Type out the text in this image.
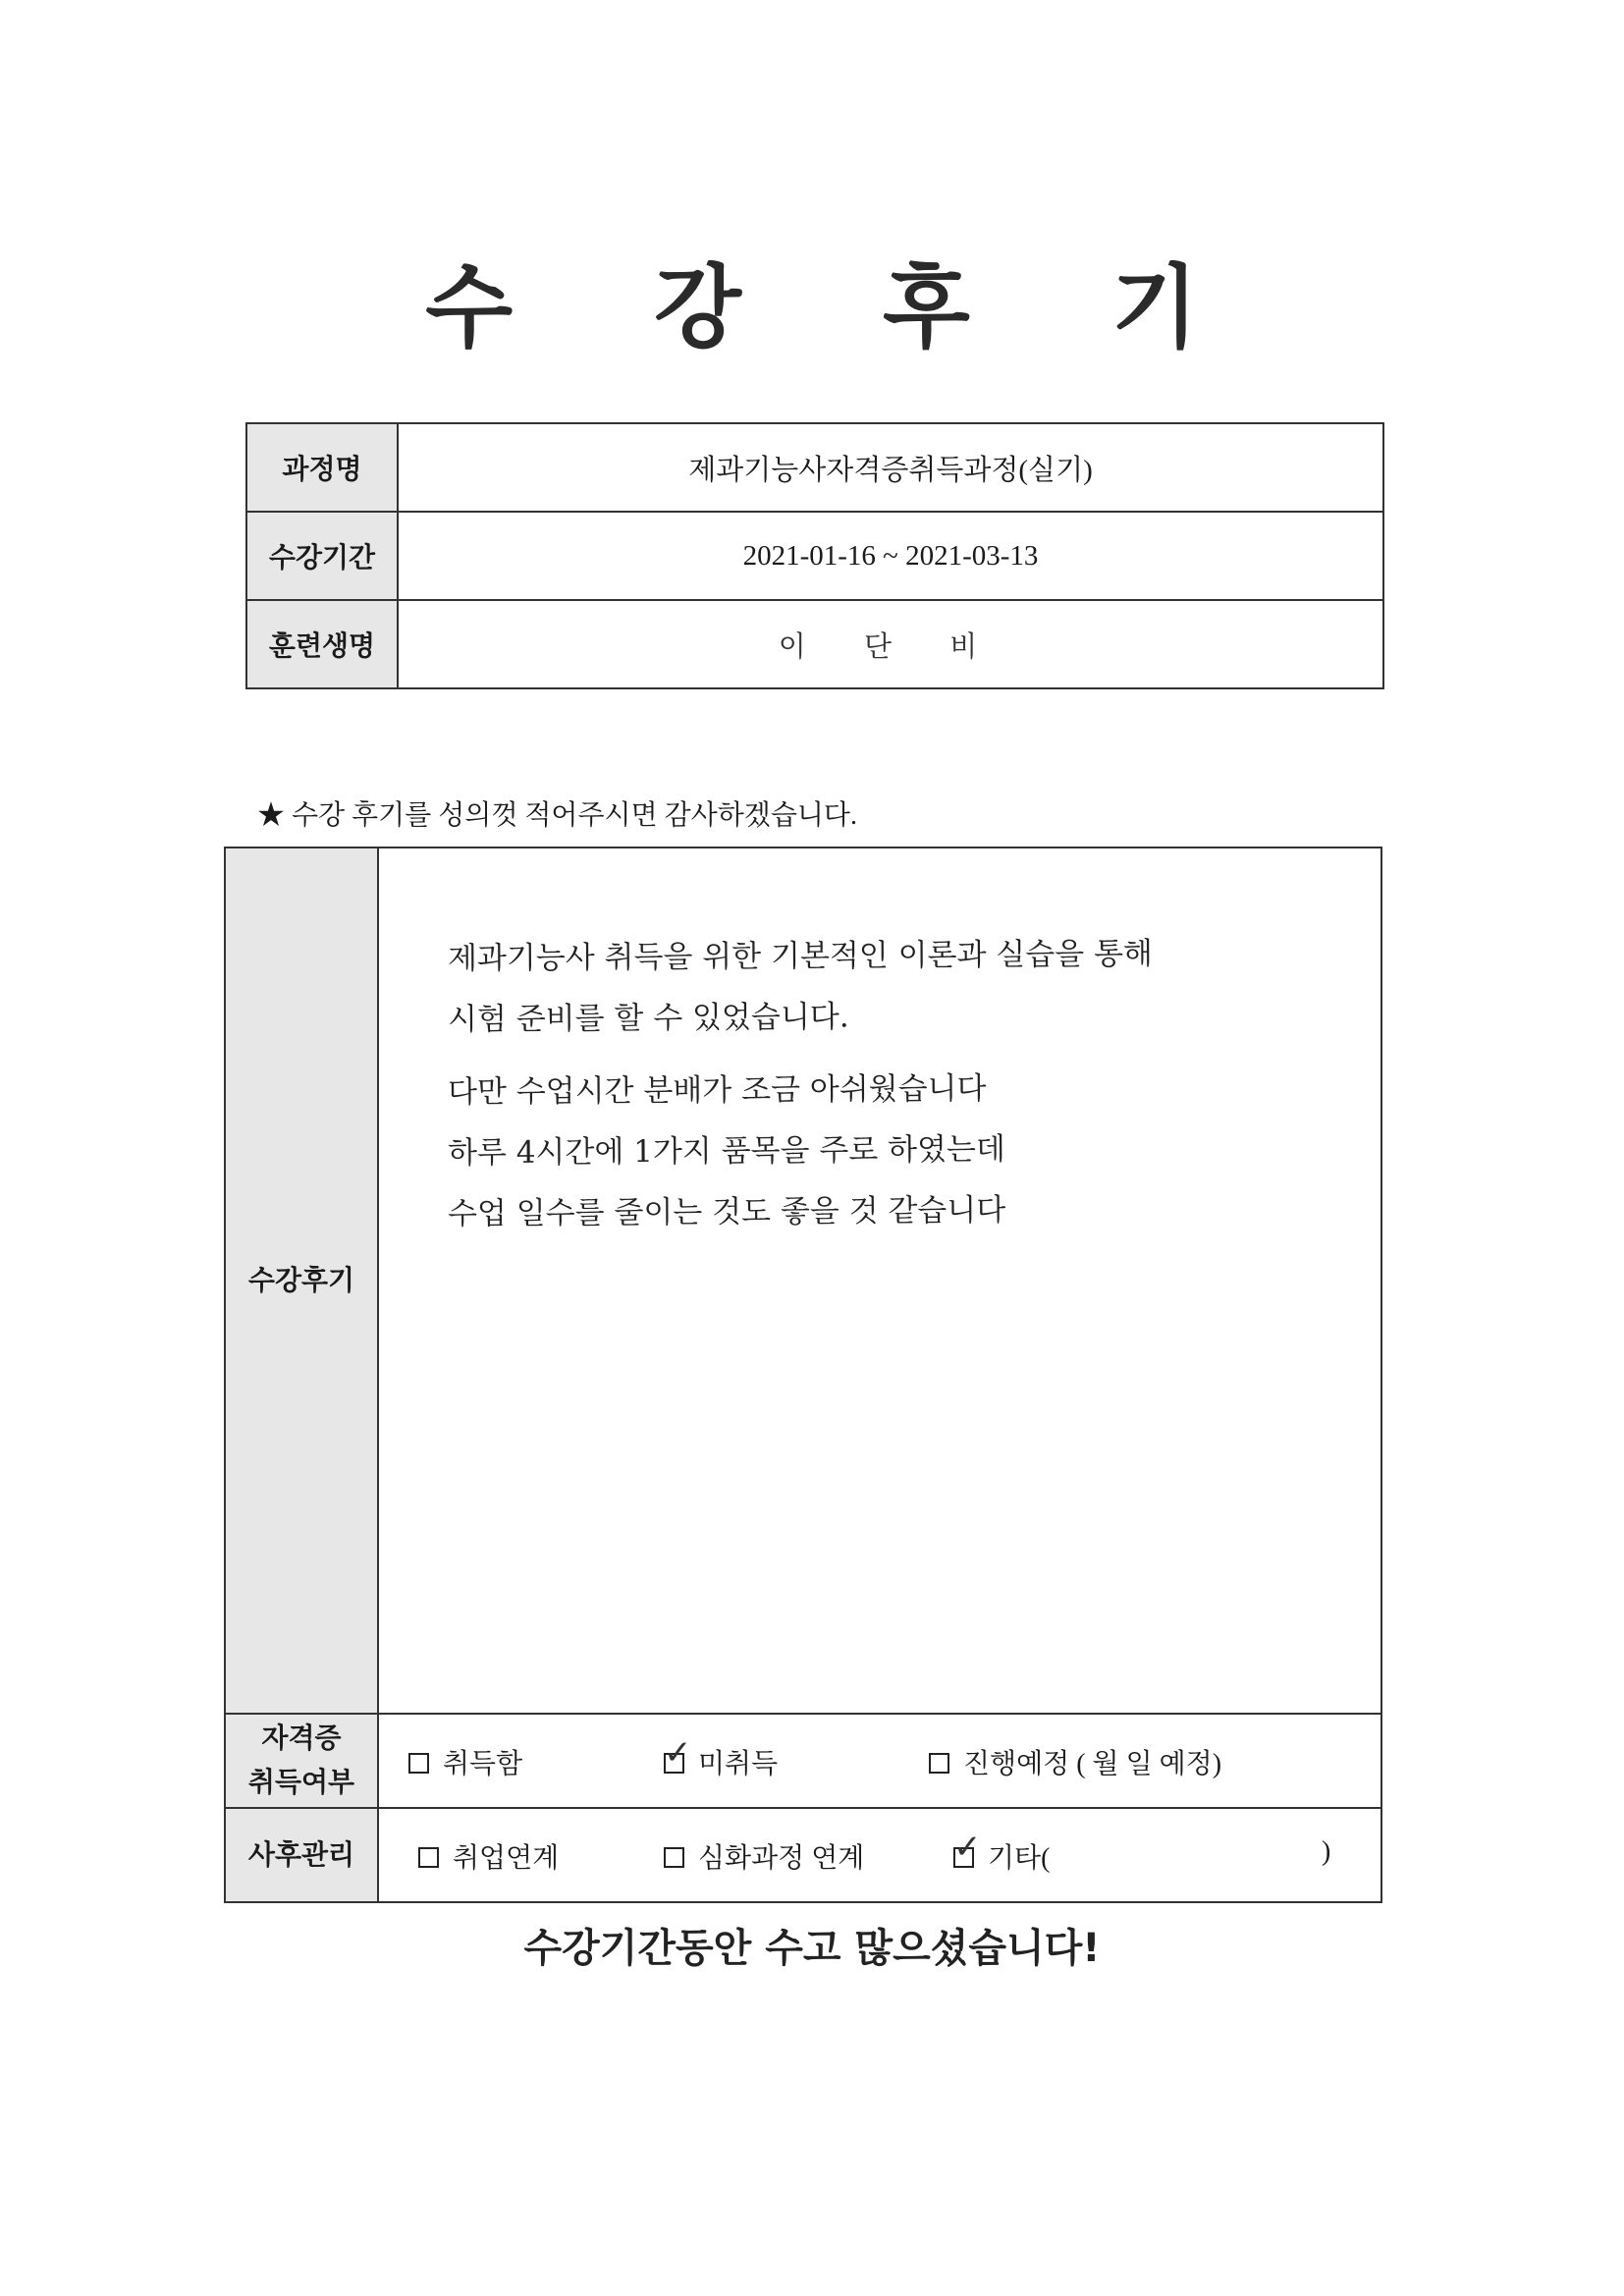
수 강 후 기
과정명	제과기능사자격증취득과정(실기)
수강기간	2021-01-16 ~ 2021-03-13
훈련생명	이 단 비
★ 수강 후기를 성의껏 적어주시면 감사하겠습니다.
수강후기	제과기능사 취득을 위한 기본적인 이론과 실습을 통해
시험 준비를 할 수 있었습니다.
다만 수업시간 분배가 조금 아쉬웠습니다
하루 4시간에 1가지 품목을 주로 하였는데
수업 일수를 줄이는 것도 좋을 것 같습니다

자격증
취득여부	취득함 ✓ 미취득 진행예정 ( 월 일 예정)

사후관리	취업연계 심화과정 연계 ✓ 기타( )
수강기간동안 수고 많으셨습니다!
